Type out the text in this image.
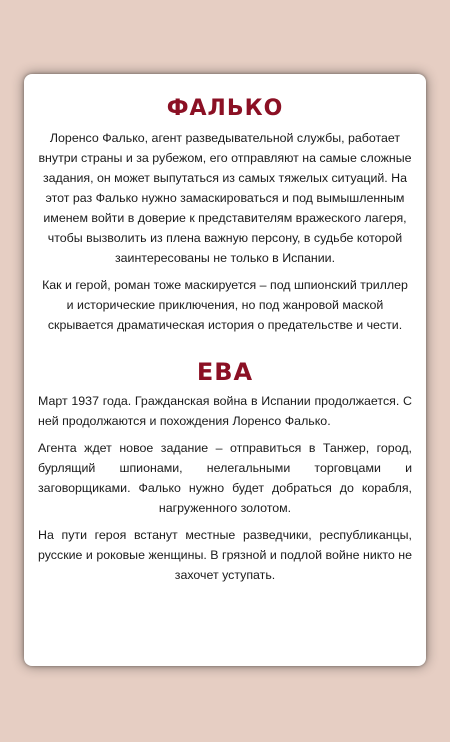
ФАЛЬКО

Лоренсо Фалько, агент разведывательной службы, работает внутри страны и за рубежом, его отправляют на самые сложные задания, он может выпутаться из самых тяжелых ситуаций. На этот раз Фалько нужно замаскироваться и под вымышленным именем войти в доверие к представителям вражеского лагеря, чтобы вызволить из плена важную персону, в судьбе которой заинтересованы не только в Испании.

Как и герой, роман тоже маскируется – под шпионский триллер и исторические приключения, но под жанровой маской скрывается драматическая история о предательстве и чести.

ЕВА

Март 1937 года. Гражданская война в Испании продолжается. С ней продолжаются и похождения Лоренсо Фалько.

Агента ждет новое задание – отправиться в Танжер, город, бурлящий шпионами, нелегальными торговцами и заговорщиками. Фалько нужно будет добраться до корабля, нагруженного золотом.

На пути героя встанут местные разведчики, республиканцы, русские и роковые женщины. В грязной и подлой войне никто не захочет уступать.
